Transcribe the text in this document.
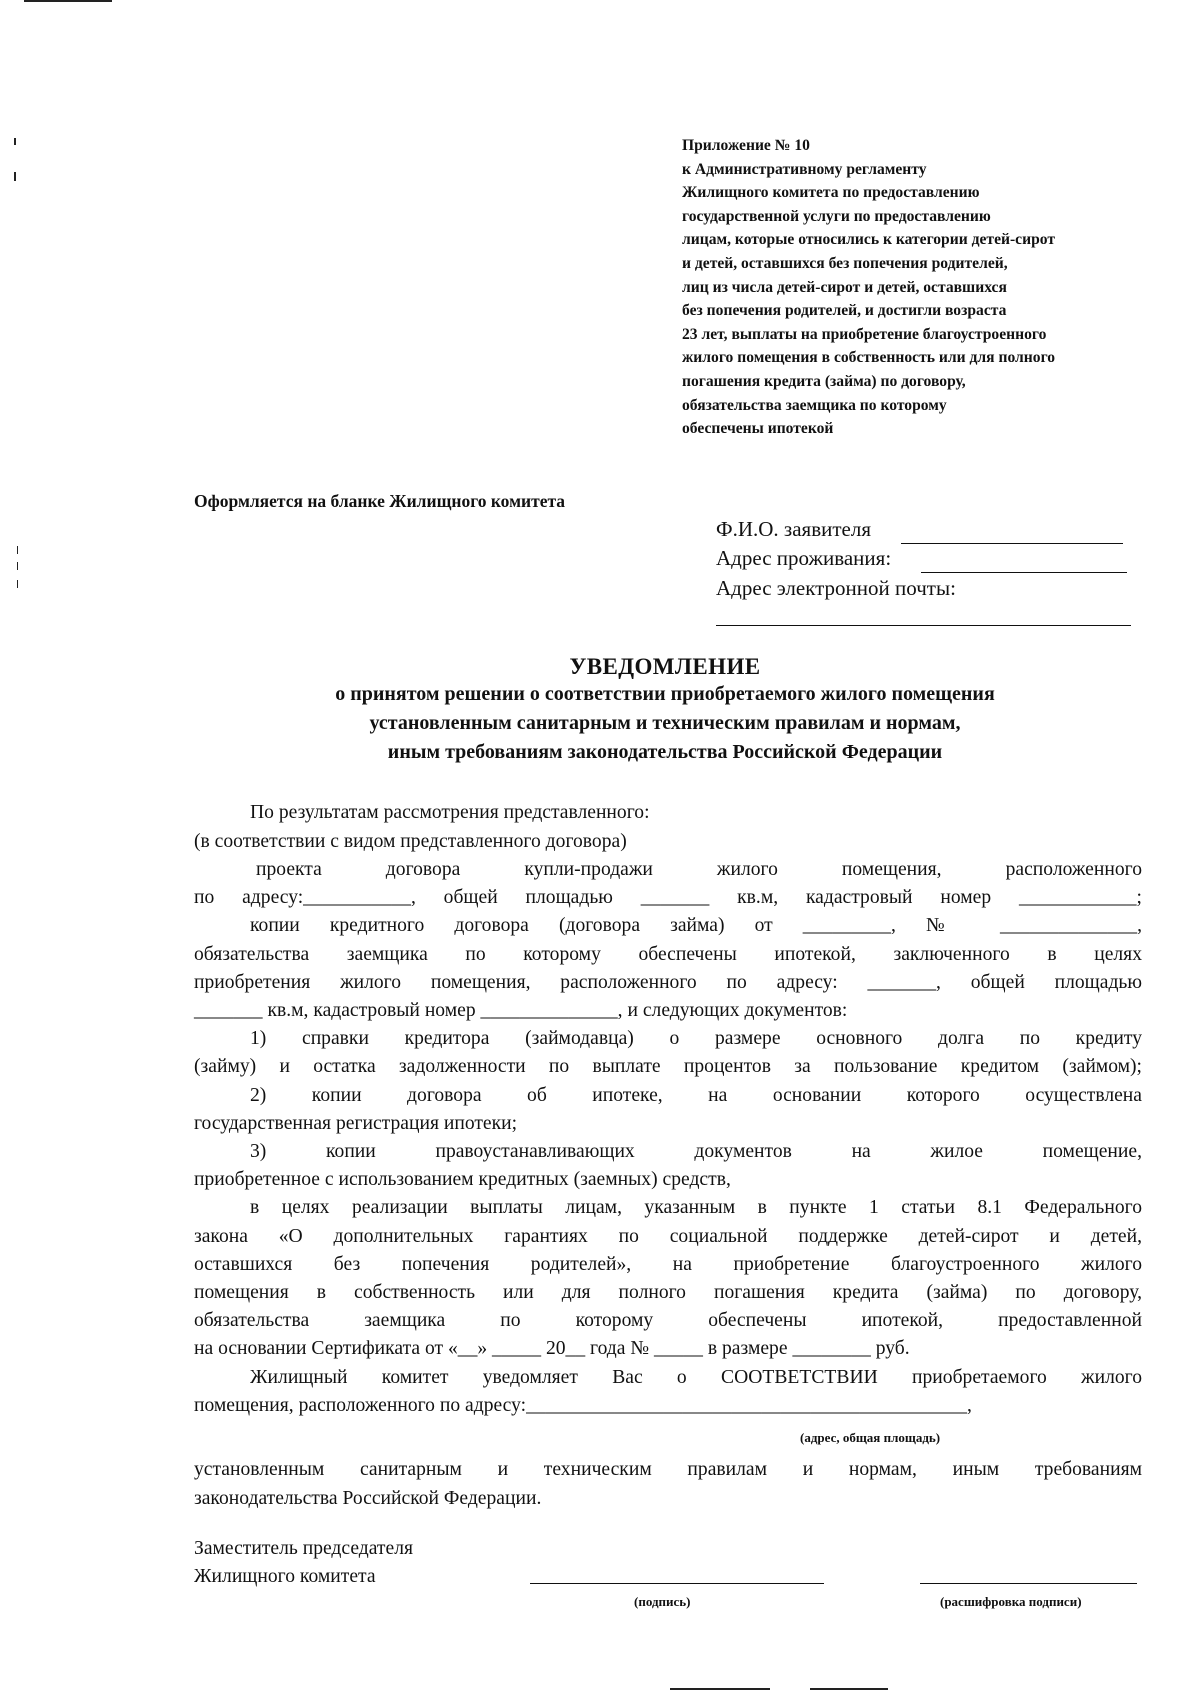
Приложение № 10
к Административному регламенту
Жилищного комитета по предоставлению
государственной услуги по предоставлению
лицам, которые относились к категории детей-сирот
и детей, оставшихся без попечения родителей,
лиц из числа детей-сирот и детей, оставшихся
без попечения родителей, и достигли возраста
23 лет, выплаты на приобретение благоустроенного
жилого помещения в собственность или для полного
погашения кредита (займа) по договору,
обязательства заемщика по которому
обеспечены ипотекой
Оформляется на бланке Жилищного комитета
Ф.И.О. заявителя
Адрес проживания:
Адрес электронной почты:
УВЕДОМЛЕНИЕ
о принятом решении о соответствии приобретаемого жилого помещения
установленным санитарным и техническим правилам и нормам,
иным требованиям законодательства Российской Федерации
По результатам рассмотрения представленного:
(в соответствии с видом представленного договора)
проекта договора купли-продажи жилого помещения, расположенного
по адресу:___________, общей площадью _______ кв.м, кадастровый номер ____________;
копии кредитного договора (договора займа) от _________, № ______________,
обязательства заемщика по которому обеспечены ипотекой, заключенного в целях
приобретения жилого помещения, расположенного по адресу: _______, общей площадью
_______ кв.м, кадастровый номер ______________, и следующих документов:
1) справки кредитора (займодавца) о размере основного долга по кредиту
(займу) и остатка задолженности по выплате процентов за пользование кредитом (займом);
2) копии договора об ипотеке, на основании которого осуществлена
государственная регистрация ипотеки;
3) копии правоустанавливающих документов на жилое помещение,
приобретенное с использованием кредитных (заемных) средств,
в целях реализации выплаты лицам, указанным в пункте 1 статьи 8.1 Федерального
закона «О дополнительных гарантиях по социальной поддержке детей-сирот и детей,
оставшихся без попечения родителей», на приобретение благоустроенного жилого
помещения в собственность или для полного погашения кредита (займа) по договору,
обязательства заемщика по которому обеспечены ипотекой, предоставленной
на основании Сертификата от «__» _____ 20__ года № _____ в размере ________ руб.
Жилищный комитет уведомляет Вас о СООТВЕТСТВИИ приобретаемого жилого
помещения, расположенного по адресу:_____________________________________________,
(адрес, общая площадь)
установленным санитарным и техническим правилам и нормам, иным требованиям
законодательства Российской Федерации.
Заместитель председателя
Жилищного комитета
(подпись)	(расшифровка подписи)
